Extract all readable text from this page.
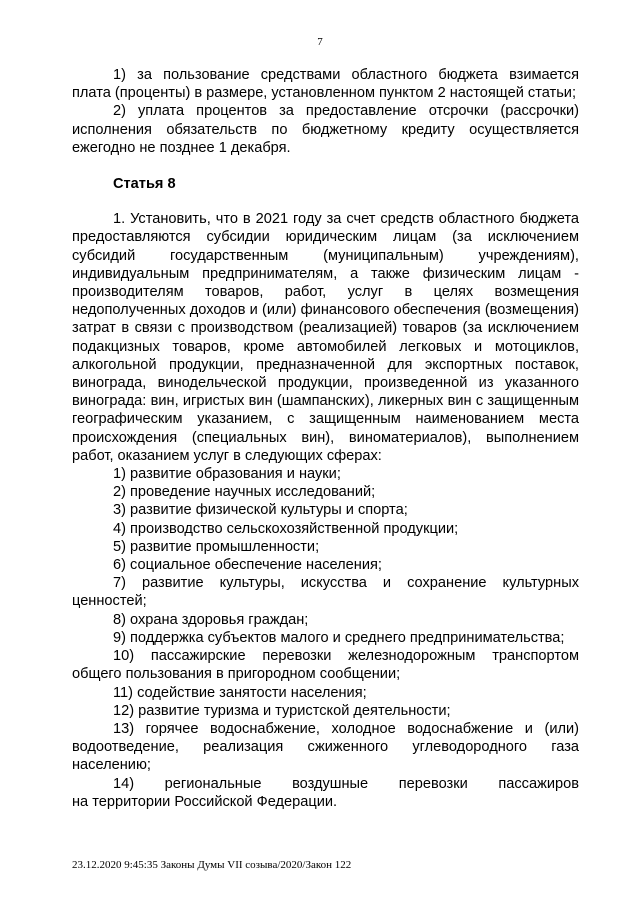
7

1) за пользование средствами областного бюджета взимается плата (проценты) в размере, установленном пунктом 2 настоящей статьи;

2) уплата процентов за предоставление отсрочки (рассрочки) исполнения обязательств по бюджетному кредиту осуществляется ежегодно не позднее 1 декабря.

Статья 8

1. Установить, что в 2021 году за счет средств областного бюджета предоставляются субсидии юридическим лицам (за исключением субсидий государственным (муниципальным) учреждениям), индивидуальным предпринимателям, а также физическим лицам - производителям товаров, работ, услуг в целях возмещения недополученных доходов и (или) финансового обеспечения (возмещения) затрат в связи с производством (реализацией) товаров (за исключением подакцизных товаров, кроме автомобилей легковых и мотоциклов, алкогольной продукции, предназначенной для экспортных поставок, винограда, винодельческой продукции, произведенной из указанного винограда: вин, игристых вин (шампанских), ликерных вин с защищенным географическим указанием, с защищенным наименованием места происхождения (специальных вин), виноматериалов), выполнением работ, оказанием услуг в следующих сферах:

1) развитие образования и науки;

2) проведение научных исследований;

3) развитие физической культуры и спорта;

4) производство сельскохозяйственной продукции;

5) развитие промышленности;

6) социальное обеспечение населения;

7) развитие культуры, искусства и сохранение культурных ценностей;

8) охрана здоровья граждан;

9) поддержка субъектов малого и среднего предпринимательства;

10) пассажирские перевозки железнодорожным транспортом общего пользования в пригородном сообщении;

11) содействие занятости населения;

12) развитие туризма и туристской деятельности;

13) горячее водоснабжение, холодное водоснабжение и (или) водоотведение, реализация сжиженного углеводородного газа населению;

14) региональные воздушные перевозки пассажиров

на территории Российской Федерации.

23.12.2020 9:45:35 Законы Думы VII созыва/2020/Закон 122
